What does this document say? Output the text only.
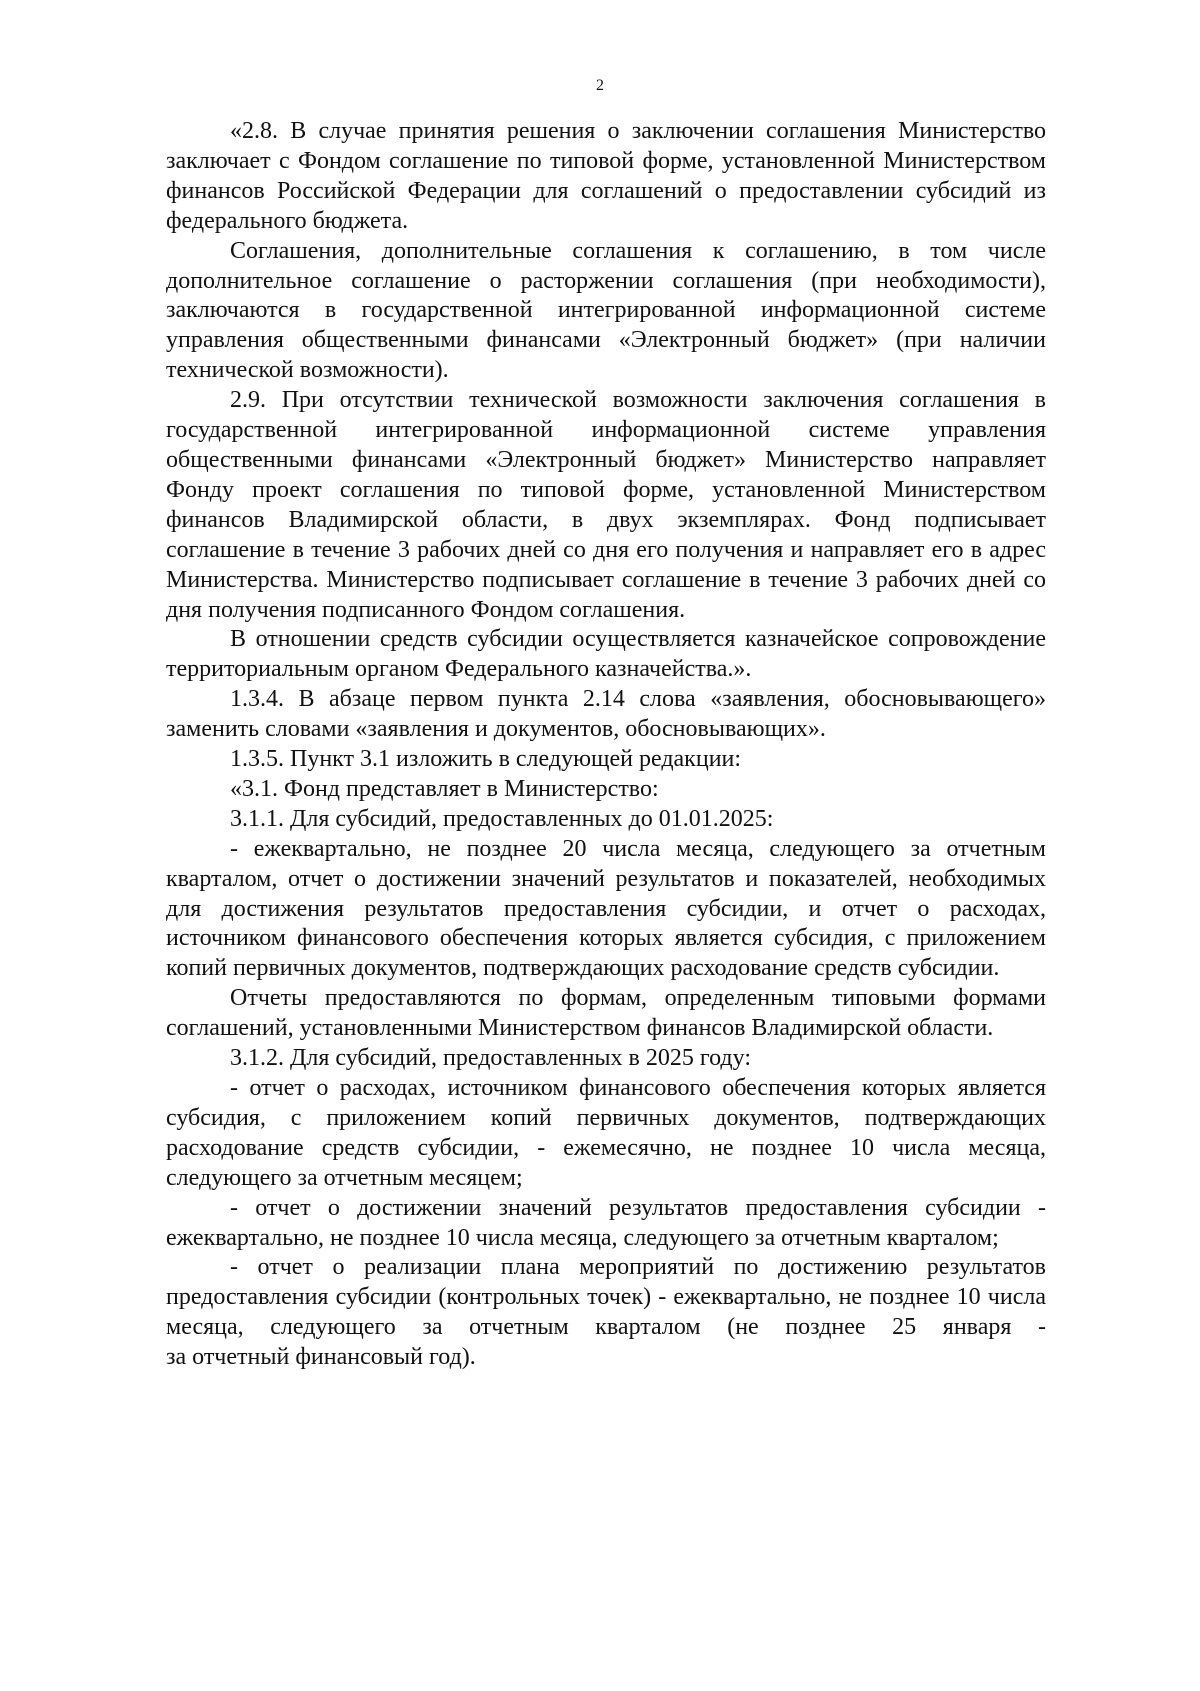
2

«2.8. В случае принятия решения о заключении соглашения Министерство заключает с Фондом соглашение по типовой форме, установленной Министерством финансов Российской Федерации для соглашений о предоставлении субсидий из федерального бюджета.

Соглашения, дополнительные соглашения к соглашению, в том числе дополнительное соглашение о расторжении соглашения (при необходимости), заключаются в государственной интегрированной информационной системе управления общественными финансами «Электронный бюджет» (при наличии технической возможности).

2.9. При отсутствии технической возможности заключения соглашения в государственной интегрированной информационной системе управления общественными финансами «Электронный бюджет» Министерство направляет Фонду проект соглашения по типовой форме, установленной Министерством финансов Владимирской области, в двух экземплярах. Фонд подписывает соглашение в течение 3 рабочих дней со дня его получения и направляет его в адрес Министерства. Министерство подписывает соглашение в течение 3 рабочих дней со дня получения подписанного Фондом соглашения.

В отношении средств субсидии осуществляется казначейское сопровождение территориальным органом Федерального казначейства.».

1.3.4. В абзаце первом пункта 2.14 слова «заявления, обосновывающего» заменить словами «заявления и документов, обосновывающих».

1.3.5. Пункт 3.1 изложить в следующей редакции:

«3.1. Фонд представляет в Министерство:

3.1.1. Для субсидий, предоставленных до 01.01.2025:

- ежеквартально, не позднее 20 числа месяца, следующего за отчетным кварталом, отчет о достижении значений результатов и показателей, необходимых для достижения результатов предоставления субсидии, и отчет о расходах, источником финансового обеспечения которых является субсидия, с приложением копий первичных документов, подтверждающих расходование средств субсидии.

Отчеты предоставляются по формам, определенным типовыми формами соглашений, установленными Министерством финансов Владимирской области.

3.1.2. Для субсидий, предоставленных в 2025 году:

- отчет о расходах, источником финансового обеспечения которых является субсидия, с приложением копий первичных документов, подтверждающих расходование средств субсидии, - ежемесячно, не позднее 10 числа месяца, следующего за отчетным месяцем;

- отчет о достижении значений результатов предоставления субсидии - ежеквартально, не позднее 10 числа месяца, следующего за отчетным кварталом;

- отчет о реализации плана мероприятий по достижению результатов предоставления субсидии (контрольных точек) - ежеквартально, не позднее 10 числа месяца, следующего за отчетным кварталом (не позднее 25 января -

за отчетный финансовый год).
